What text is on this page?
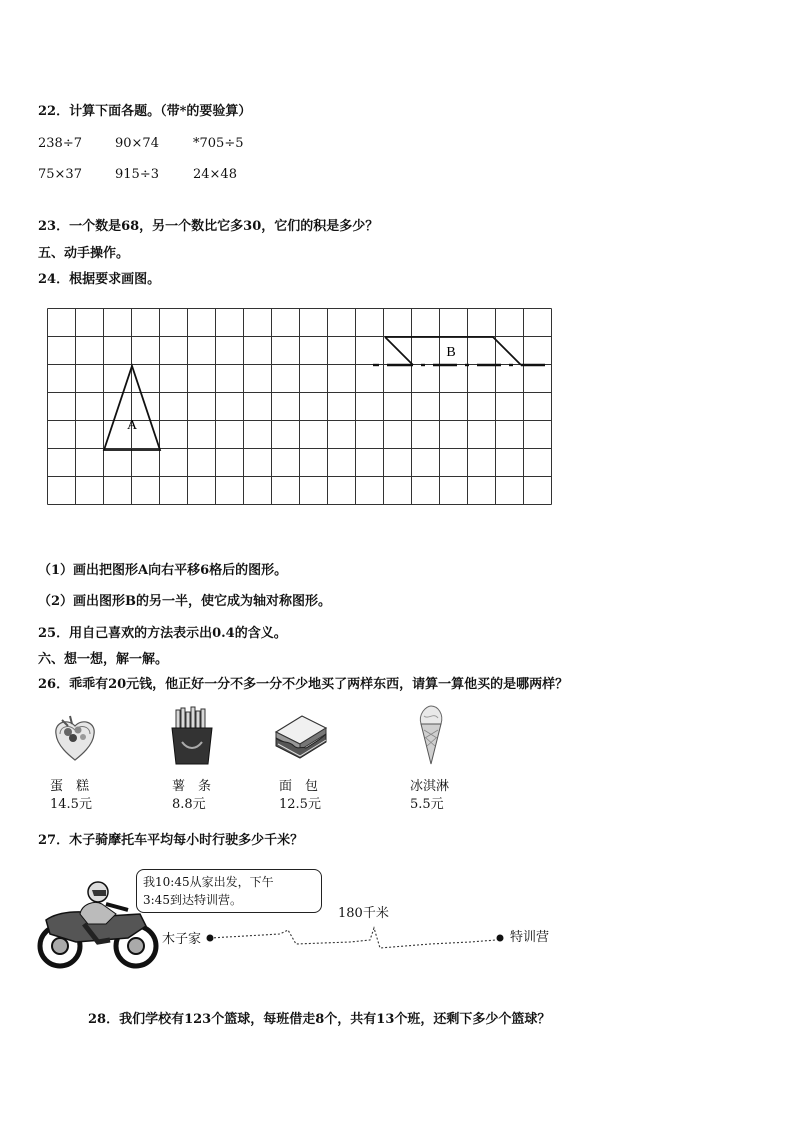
22．计算下面各题。（带*的要验算）
238÷7	90×74	*705÷5
75×37	915÷3	24×48
23．一个数是68，另一个数比它多30，它们的积是多少？
五、动手操作。
24．根据要求画图。
A
B
（1）画出把图形A向右平移6格后的图形。
（2）画出图形B的另一半，使它成为轴对称图形。
25．用自己喜欢的方法表示出0.4的含义。
六、想一想，解一解。
26．乖乖有20元钱，他正好一分不多一分不少地买了两样东西，请算一算他买的是哪两样？
蛋　糕
14.5元
薯　条
8.8元
面　包
12.5元
冰淇淋
5.5元
27．木子骑摩托车平均每小时行驶多少千米？
我10:45从家出发，下午
3:45到达特训营。
180千米
木子家	特训营
28．我们学校有123个篮球，每班借走8个，共有13个班，还剩下多少个篮球？
